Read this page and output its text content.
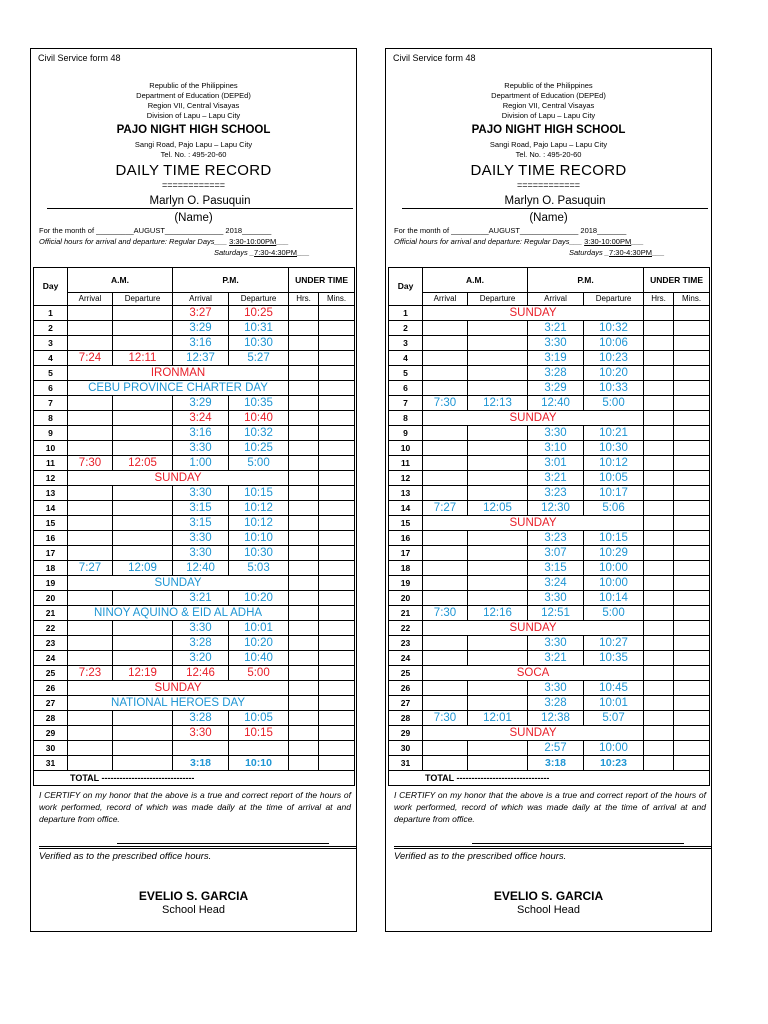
Civil Service form 48
Republic of the Philippines
Department of Education (DEPEd)
Region VII, Central Visayas
Division of Lapu – Lapu City
PAJO NIGHT HIGH SCHOOL
Sangi Road, Pajo Lapu – Lapu City
Tel. No. : 495-20-60
DAILY TIME RECORD
============
Marlyn O. Pasuquin
(Name)
For the month of _________AUGUST______________ 2018_______
Official hours for arrival and departure: Regular Days___ 3:30-10:00PM___
Saturdays _7:30-4:30PM___
Day	A.M.		P.M.		UNDER TIME	
	Arrival	Departure	Arrival	Departure	Hrs.	Mins.
1			3:27	10:25		
2			3:29	10:31		
3			3:16	10:30		
4	7:24	12:11	12:37	5:27		
5	IRONMAN					
6	CEBU PROVINCE CHARTER DAY					
7			3:29	10:35		
8			3:24	10:40		
9			3:16	10:32		
10			3:30	10:25		
11	7:30	12:05	1:00	5:00		
12	SUNDAY					
13			3:30	10:15		
14			3:15	10:12		
15			3:15	10:12		
16			3:30	10:10		
17			3:30	10:30		
18	7:27	12:09	12:40	5:03		
19	SUNDAY					
20			3:21	10:20		
21	NINOY AQUINO & EID AL ADHA					
22			3:30	10:01		
23			3:28	10:20		
24			3:20	10:40		
25	7:23	12:19	12:46	5:00		
26	SUNDAY					
27	NATIONAL HEROES DAY					
28			3:28	10:05		
29			3:30	10:15		
30						
31			3:18	10:10		
TOTAL -------------------------------						
I CERTIFY on my honor that the above is a true and correct report of the hours of work performed, record of which was made daily at the time of arrival at and departure from office.
Verified as to the prescribed office hours.
EVELIO S. GARCIA
School Head
Civil Service form 48
Republic of the Philippines
Department of Education (DEPEd)
Region VII, Central Visayas
Division of Lapu – Lapu City
PAJO NIGHT HIGH SCHOOL
Sangi Road, Pajo Lapu – Lapu City
Tel. No. : 495-20-60
DAILY TIME RECORD
============
Marlyn O. Pasuquin
(Name)
For the month of _________AUGUST______________ 2018_______
Official hours for arrival and departure: Regular Days___ 3:30-10:00PM___
Saturdays _7:30-4:30PM___
Day	A.M.		P.M.		UNDER TIME	
	Arrival	Departure	Arrival	Departure	Hrs.	Mins.
1	SUNDAY					
2			3:21	10:32		
3			3:30	10:06		
4			3:19	10:23		
5			3:28	10:20		
6			3:29	10:33		
7	7:30	12:13	12:40	5:00		
8	SUNDAY					
9			3:30	10:21		
10			3:10	10:30		
11			3:01	10:12		
12			3:21	10:05		
13			3:23	10:17		
14	7:27	12:05	12:30	5:06		
15	SUNDAY					
16			3:23	10:15		
17			3:07	10:29		
18			3:15	10:00		
19			3:24	10:00		
20			3:30	10:14		
21	7:30	12:16	12:51	5:00		
22	SUNDAY					
23			3:30	10:27		
24			3:21	10:35		
25	SOCA					
26			3:30	10:45		
27			3:28	10:01		
28	7:30	12:01	12:38	5:07		
29	SUNDAY					
30			2:57	10:00		
31			3:18	10:23		
TOTAL -------------------------------						
I CERTIFY on my honor that the above is a true and correct report of the hours of work performed, record of which was made daily at the time of arrival at and departure from office.
Verified as to the prescribed office hours.
EVELIO S. GARCIA
School Head
